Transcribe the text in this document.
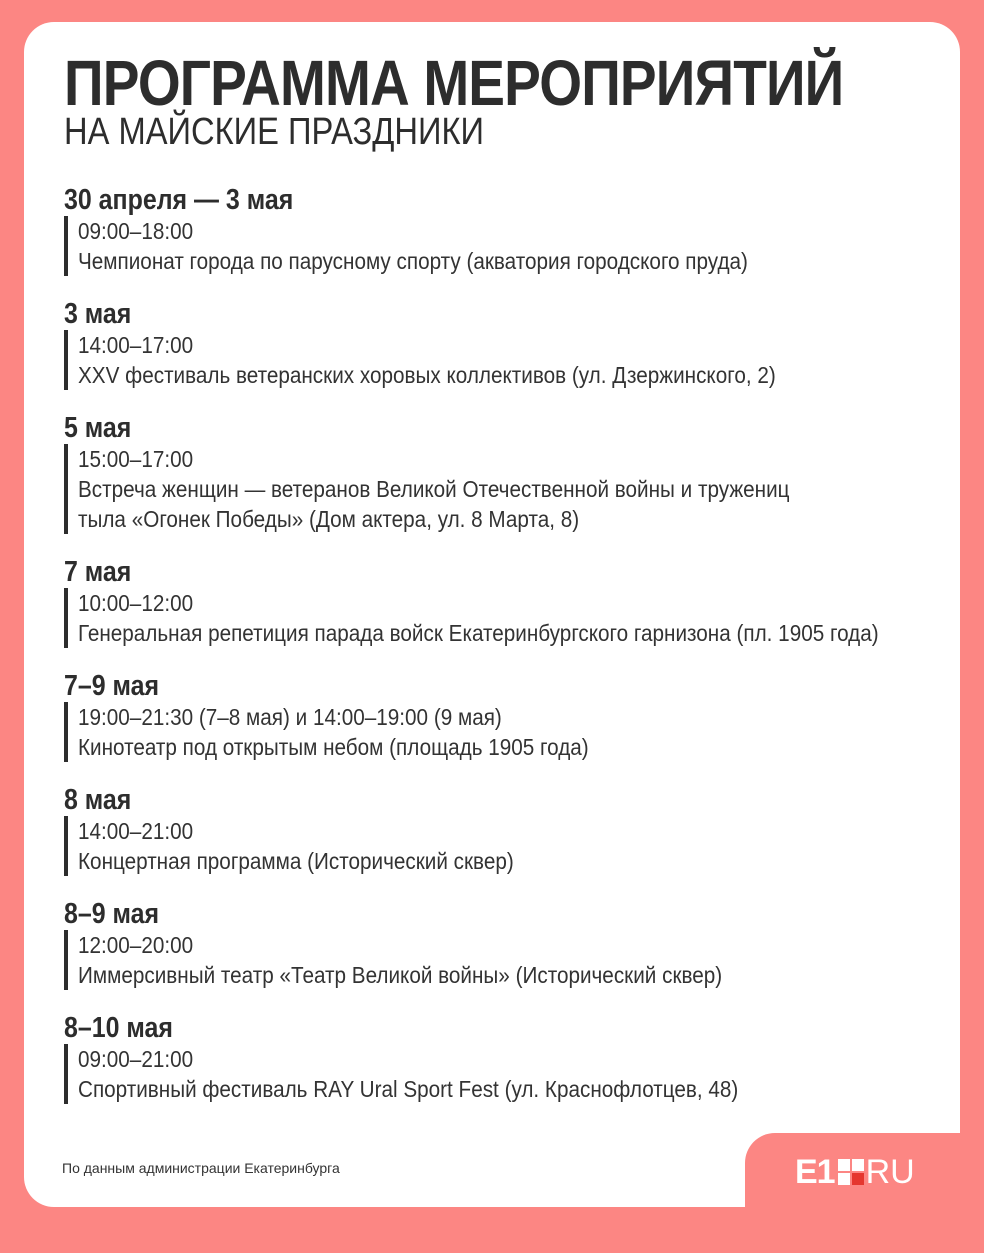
ПРОГРАММА МЕРОПРИЯТИЙ
НА МАЙСКИЕ ПРАЗДНИКИ
30 апреля — 3 мая
09:00–18:00
Чемпионат города по парусному спорту (акватория городского пруда)
3 мая
14:00–17:00
XXV фестиваль ветеранских хоровых коллективов (ул. Дзержинского, 2)
5 мая
15:00–17:00
Встреча женщин — ветеранов Великой Отечественной войны и тружениц
тыла «Огонек Победы» (Дом актера, ул. 8 Марта, 8)
7 мая
10:00–12:00
Генеральная репетиция парада войск Екатеринбургского гарнизона (пл. 1905 года)
7–9 мая
19:00–21:30 (7–8 мая) и 14:00–19:00 (9 мая)
Кинотеатр под открытым небом (площадь 1905 года)
8 мая
14:00–21:00
Концертная программа (Исторический сквер)
8–9 мая
12:00–20:00
Иммерсивный театр «Театр Великой войны» (Исторический сквер)
8–10 мая
09:00–21:00
Спортивный фестиваль RAY Ural Sport Fest (ул. Краснофлотцев, 48)
По данным администрации Екатеринбурга	E1 RU
